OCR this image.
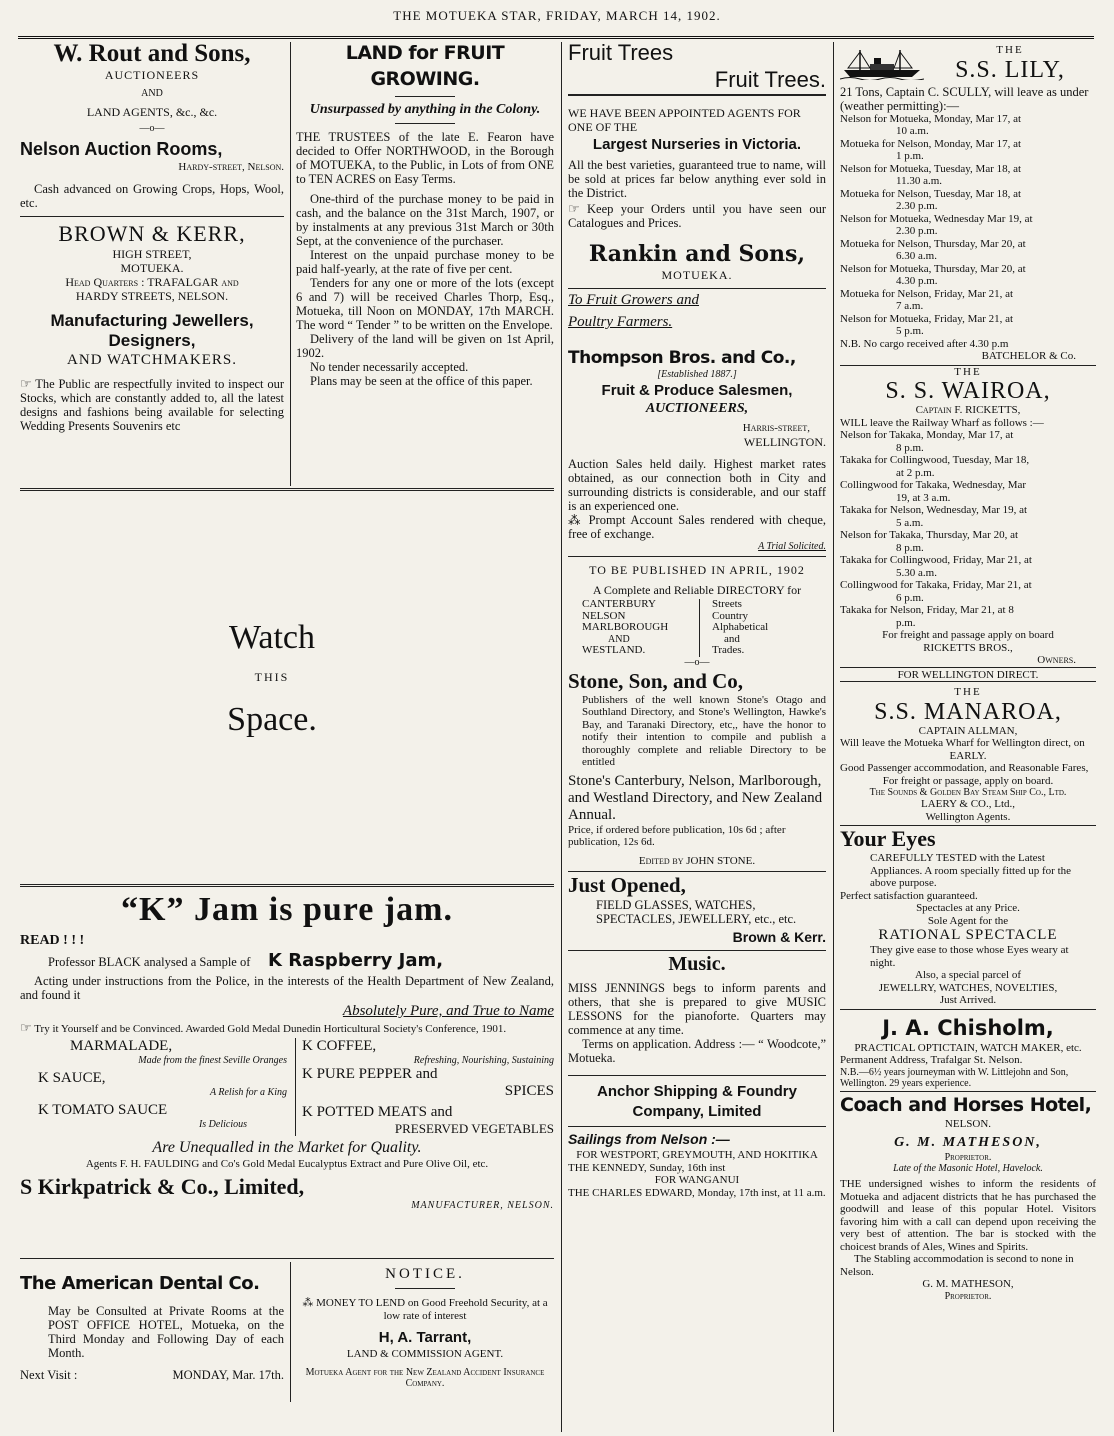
THE MOTUEKA STAR, FRIDAY, MARCH 14, 1902.
W. Rout and Sons,
AUCTIONEERS
AND
LAND AGENTS, &c., &c.
—o—
Nelson Auction Rooms,
Hardy-street, Nelson.
Cash advanced on Growing Crops, Hops, Wool, etc.
BROWN & KERR,
HIGH STREET,
MOTUEKA.
Head Quarters : TRAFALGAR and
HARDY STREETS, NELSON.
Manufacturing Jewellers, Designers,
AND WATCHMAKERS.
☞ The Public are respectfully invited to inspect our Stocks, which are constantly added to, all the latest designs and fashions being available for selecting Wedding Presents Souvenirs etc
LAND for FRUIT GROWING.
Unsurpassed by anything in the Colony.

THE TRUSTEES of the late E. Fearon have decided to Offer NORTHWOOD, in the Borough of MOTUEKA, to the Public, in Lots of from ONE to TEN ACRES on Easy Terms.

One-third of the purchase money to be paid in cash, and the balance on the 31st March, 1907, or by instalments at any previous 31st March or 30th Sept, at the convenience of the purchaser.

Interest on the unpaid purchase money to be paid half-yearly, at the rate of five per cent.

Tenders for any one or more of the lots (except 6 and 7) will be received Charles Thorp, Esq., Motueka, till Noon on MONDAY, 17th MARCH. The word “ Tender ” to be written on the Envelope.

Delivery of the land will be given on 1st April, 1902.

No tender necessarily accepted.

Plans may be seen at the office of this paper.

Watch
THIS
Space.
“K” Jam is pure jam.
READ ! ! !
Professor BLACK analysed a Sample of K Raspberry Jam,

Acting under instructions from the Police, in the interests of the Health Department of New Zealand, and found it

Absolutely Pure, and True to Name

☞ Try it Yourself and be Convinced. Awarded Gold Medal Dunedin Horticultural Society's Conference, 1901.

MARMALADE,
Made from the finest Seville Oranges
K SAUCE,
A Relish for a King
K TOMATO SAUCE
Is Delicious
K COFFEE,
Refreshing, Nourishing, Sustaining
K PURE PEPPER and
SPICES
K POTTED MEATS and
PRESERVED VEGETABLES
Are Unequalled in the Market for Quality.
Agents F. H. FAULDING and Co's Gold Medal Eucalyptus Extract and Pure Olive Oil, etc.
S Kirkpatrick & Co., Limited,
MANUFACTURER, NELSON.
The American Dental Co.

May be Consulted at Private Rooms at the POST OFFICE HOTEL, Motueka, on the Third Monday and Following Day of each Month.

Next Visit :	MONDAY, Mar. 17th.
NOTICE.

⁂ MONEY TO LEND on Good Freehold Security, at a low rate of interest

H, A. Tarrant,
LAND & COMMISSION AGENT.
Motueka Agent for the New Zealand Accident Insurance Company.
Fruit Trees
Fruit Trees.
WE HAVE BEEN APPOINTED AGENTS FOR ONE OF THE
Largest Nurseries in Victoria.

All the best varieties, guaranteed true to name, will be sold at prices far below anything ever sold in the District.

☞ Keep your Orders until you have seen our Catalogues and Prices.

Rankin and Sons,
MOTUEKA.
To Fruit Growers and Poultry Farmers.
Thompson Bros. and Co.,
[Established 1887.]
Fruit & Produce Salesmen,
AUCTIONEERS,
Harris-street,
WELLINGTON.

Auction Sales held daily. Highest market rates obtained, as our connection both in City and surrounding districts is considerable, and our staff is an experienced one.

⁂ Prompt Account Sales rendered with cheque, free of exchange.

A Trial Solicited.
TO BE PUBLISHED IN APRIL, 1902
A Complete and Reliable DIRECTORY for
CANTERBURY
NELSON
MARLBOROUGH
AND
WESTLAND.
Streets
Country
Alphabetical
and
Trades.
—o—
Stone, Son, and Co,

Publishers of the well known Stone's Otago and Southland Directory, and Stone's Wellington, Hawke's Bay, and Taranaki Directory, etc,, have the honor to notify their intention to compile and publish a thoroughly complete and reliable Directory to be entitled

Stone's Canterbury, Nelson, Marlborough, and Westland Directory, and New Zealand Annual.

Price, if ordered before publication, 10s 6d ; after publication, 12s 6d.

Edited by JOHN STONE.
Just Opened,

FIELD GLASSES, WATCHES, SPECTACLES, JEWELLERY, etc., etc.

Brown & Kerr.
Music.

MISS JENNINGS begs to inform parents and others, that she is prepared to give MUSIC LESSONS for the pianoforte. Quarters may commence at any time.

Terms on application. Address :— “ Woodcote,” Motueka.

Anchor Shipping & Foundry Company, Limited
Sailings from Nelson :—
FOR WESTPORT, GREYMOUTH, AND HOKITIKA
THE KENNEDY, Sunday, 16th inst
FOR WANGANUI
THE CHARLES EDWARD, Monday, 17th inst, at 11 a.m.
THE
S.S. LILY,

21 Tons, Captain C. SCULLY, will leave as under (weather permitting):—

Nelson for Motueka, Monday, Mar 17, at
10 a.m.
Motueka for Nelson, Monday, Mar 17, at
1 p.m.
Nelson for Motueka, Tuesday, Mar 18, at
11.30 a.m.
Motueka for Nelson, Tuesday, Mar 18, at
2.30 p.m.
Nelson for Motueka, Wednesday Mar 19, at
2.30 p.m.
Motueka for Nelson, Thursday, Mar 20, at
6.30 a.m.
Nelson for Motueka, Thursday, Mar 20, at
4.30 p.m.
Motueka for Nelson, Friday, Mar 21, at
7 a.m.
Nelson for Motueka, Friday, Mar 21, at
5 p.m.
N.B. No cargo received after 4.30 p.m
BATCHELOR & Co.
THE
S. S. WAIROA,
Captain F. RICKETTS,

WILL leave the Railway Wharf as follows :—

Nelson for Takaka, Monday, Mar 17, at
8 p.m.
Takaka for Collingwood, Tuesday, Mar 18,
at 2 p.m.
Collingwood for Takaka, Wednesday, Mar
19, at 3 a.m.
Takaka for Nelson, Wednesday, Mar 19, at
5 a.m.
Nelson for Takaka, Thursday, Mar 20, at
8 p.m.
Takaka for Collingwood, Friday, Mar 21, at
5.30 a.m.
Collingwood for Takaka, Friday, Mar 21, at
6 p.m.
Takaka for Nelson, Friday, Mar 21, at 8
p.m.
For freight and passage apply on board
RICKETTS BROS.,
Owners.
FOR WELLINGTON DIRECT.
THE
S.S. MANAROA,
CAPTAIN ALLMAN,

Will leave the Motueka Wharf for Wellington direct, on

EARLY.

Good Passenger accommodation, and Reasonable Fares,

For freight or passage, apply on board.
The Sounds & Golden Bay Steam Ship Co., Ltd.
LAERY & CO., Ltd.,
Wellington Agents.
Your Eyes

CAREFULLY TESTED with the Latest Appliances. A room specially fitted up for the above purpose.

Perfect satisfaction guaranteed.
Spectacles at any Price.
Sole Agent for the
RATIONAL SPECTACLE

They give ease to those whose Eyes weary at night.

Also, a special parcel of
JEWELLRY, WATCHES, NOVELTIES,
Just Arrived.
J. A. Chisholm,
PRACTICAL OPTICTAIN, WATCH MAKER, etc.

Permanent Address, Trafalgar St. Nelson.

N.B.—6½ years journeyman with W. Littlejohn and Son, Wellington. 29 years experience.

Coach and Horses Hotel,
NELSON.
G. M. MATHESON,
Proprietor.
Late of the Masonic Hotel, Havelock.

THE undersigned wishes to inform the residents of Motueka and adjacent districts that he has purchased the goodwill and lease of this popular Hotel. Visitors favoring him with a call can depend upon receiving the very best of attention. The bar is stocked with the choicest brands of Ales, Wines and Spirits.

The Stabling accommodation is second to none in Nelson.

G. M. MATHESON,
Proprietor.
